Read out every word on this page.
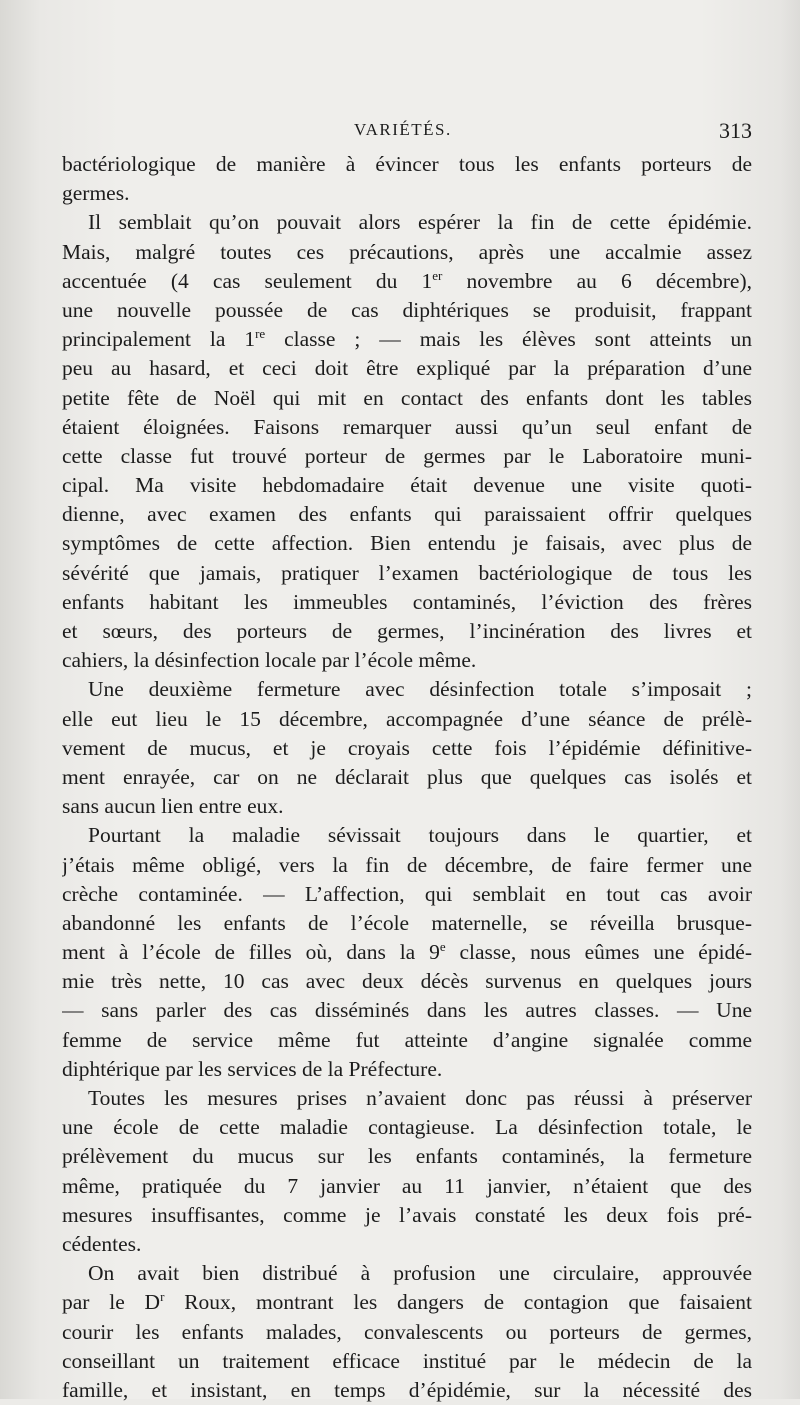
VARIÉTÉS.	313
bactériologique de manière à évincer tous les enfants porteurs de
germes.
Il semblait qu’on pouvait alors espérer la fin de cette épidémie.
Mais, malgré toutes ces précautions, après une accalmie assez
accentuée (4 cas seulement du 1er novembre au 6 décembre),
une nouvelle poussée de cas diphtériques se produisit, frappant
principalement la 1re classe ; — mais les élèves sont atteints un
peu au hasard, et ceci doit être expliqué par la préparation d’une
petite fête de Noël qui mit en contact des enfants dont les tables
étaient éloignées. Faisons remarquer aussi qu’un seul enfant de
cette classe fut trouvé porteur de germes par le Laboratoire muni-
cipal. Ma visite hebdomadaire était devenue une visite quoti-
dienne, avec examen des enfants qui paraissaient offrir quelques
symptômes de cette affection. Bien entendu je faisais, avec plus de
sévérité que jamais, pratiquer l’examen bactériologique de tous les
enfants habitant les immeubles contaminés, l’éviction des frères
et sœurs, des porteurs de germes, l’incinération des livres et
cahiers, la désinfection locale par l’école même.
Une deuxième fermeture avec désinfection totale s’imposait ;
elle eut lieu le 15 décembre, accompagnée d’une séance de prélè-
vement de mucus, et je croyais cette fois l’épidémie définitive-
ment enrayée, car on ne déclarait plus que quelques cas isolés et
sans aucun lien entre eux.
Pourtant la maladie sévissait toujours dans le quartier, et
j’étais même obligé, vers la fin de décembre, de faire fermer une
crèche contaminée. — L’affection, qui semblait en tout cas avoir
abandonné les enfants de l’école maternelle, se réveilla brusque-
ment à l’école de filles où, dans la 9e classe, nous eûmes une épidé-
mie très nette, 10 cas avec deux décès survenus en quelques jours
— sans parler des cas disséminés dans les autres classes. — Une
femme de service même fut atteinte d’angine signalée comme
diphtérique par les services de la Préfecture.
Toutes les mesures prises n’avaient donc pas réussi à préserver
une école de cette maladie contagieuse. La désinfection totale, le
prélèvement du mucus sur les enfants contaminés, la fermeture
même, pratiquée du 7 janvier au 11 janvier, n’étaient que des
mesures insuffisantes, comme je l’avais constaté les deux fois pré-
cédentes.
On avait bien distribué à profusion une circulaire, approuvée
par le $D^r$ Roux, montrant les dangers de contagion que faisaient
courir les enfants malades, convalescents ou porteurs de germes,
conseillant un traitement efficace institué par le médecin de la
famille, et insistant, en temps d’épidémie, sur la nécessité des
